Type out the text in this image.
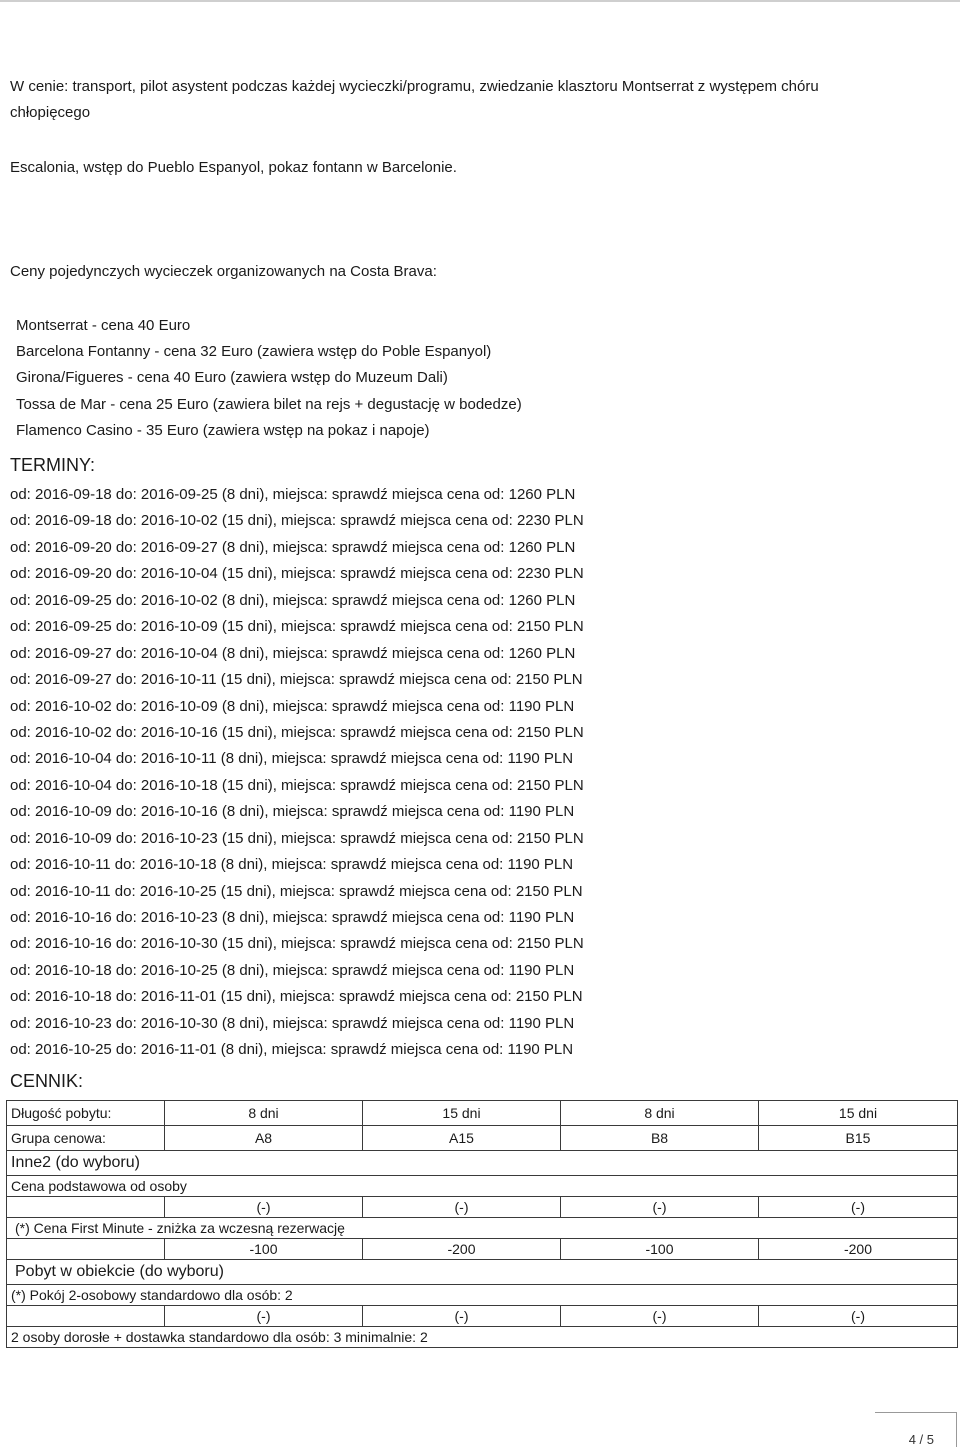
W cenie: transport, pilot asystent podczas każdej wycieczki/programu, zwiedzanie klasztoru Montserrat z występem chóru
chłopięcego
Escalonia, wstęp do Pueblo Espanyol, pokaz fontann w Barcelonie.
Ceny pojedynczych wycieczek organizowanych na Costa Brava:
Montserrat - cena 40 Euro
Barcelona Fontanny - cena 32 Euro (zawiera wstęp do Poble Espanyol)
Girona/Figueres - cena 40 Euro (zawiera wstęp do Muzeum Dali)
Tossa de Mar - cena 25 Euro (zawiera bilet na rejs + degustację w bodedze)
Flamenco Casino - 35 Euro (zawiera wstęp na pokaz i napoje)
TERMINY:
od: 2016-09-18 do: 2016-09-25 (8 dni), miejsca: sprawdź miejsca cena od: 1260 PLN
od: 2016-09-18 do: 2016-10-02 (15 dni), miejsca: sprawdź miejsca cena od: 2230 PLN
od: 2016-09-20 do: 2016-09-27 (8 dni), miejsca: sprawdź miejsca cena od: 1260 PLN
od: 2016-09-20 do: 2016-10-04 (15 dni), miejsca: sprawdź miejsca cena od: 2230 PLN
od: 2016-09-25 do: 2016-10-02 (8 dni), miejsca: sprawdź miejsca cena od: 1260 PLN
od: 2016-09-25 do: 2016-10-09 (15 dni), miejsca: sprawdź miejsca cena od: 2150 PLN
od: 2016-09-27 do: 2016-10-04 (8 dni), miejsca: sprawdź miejsca cena od: 1260 PLN
od: 2016-09-27 do: 2016-10-11 (15 dni), miejsca: sprawdź miejsca cena od: 2150 PLN
od: 2016-10-02 do: 2016-10-09 (8 dni), miejsca: sprawdź miejsca cena od: 1190 PLN
od: 2016-10-02 do: 2016-10-16 (15 dni), miejsca: sprawdź miejsca cena od: 2150 PLN
od: 2016-10-04 do: 2016-10-11 (8 dni), miejsca: sprawdź miejsca cena od: 1190 PLN
od: 2016-10-04 do: 2016-10-18 (15 dni), miejsca: sprawdź miejsca cena od: 2150 PLN
od: 2016-10-09 do: 2016-10-16 (8 dni), miejsca: sprawdź miejsca cena od: 1190 PLN
od: 2016-10-09 do: 2016-10-23 (15 dni), miejsca: sprawdź miejsca cena od: 2150 PLN
od: 2016-10-11 do: 2016-10-18 (8 dni), miejsca: sprawdź miejsca cena od: 1190 PLN
od: 2016-10-11 do: 2016-10-25 (15 dni), miejsca: sprawdź miejsca cena od: 2150 PLN
od: 2016-10-16 do: 2016-10-23 (8 dni), miejsca: sprawdź miejsca cena od: 1190 PLN
od: 2016-10-16 do: 2016-10-30 (15 dni), miejsca: sprawdź miejsca cena od: 2150 PLN
od: 2016-10-18 do: 2016-10-25 (8 dni), miejsca: sprawdź miejsca cena od: 1190 PLN
od: 2016-10-18 do: 2016-11-01 (15 dni), miejsca: sprawdź miejsca cena od: 2150 PLN
od: 2016-10-23 do: 2016-10-30 (8 dni), miejsca: sprawdź miejsca cena od: 1190 PLN
od: 2016-10-25 do: 2016-11-01 (8 dni), miejsca: sprawdź miejsca cena od: 1190 PLN
CENNIK:
Długość pobytu:	8 dni	15 dni	8 dni	15 dni
Grupa cenowa:	A8	A15	B8	B15
Inne2 (do wyboru)				
Cena podstawowa od osoby				
	(-)	(-)	(-)	(-)
(*) Cena First Minute - zniżka za wczesną rezerwację				
	-100	-200	-100	-200
Pobyt w obiekcie (do wyboru)				
(*) Pokój 2-osobowy standardowo dla osób: 2				
	(-)	(-)	(-)	(-)
2 osoby dorosłe + dostawka standardowo dla osób: 3 minimalnie: 2				
4 / 5
